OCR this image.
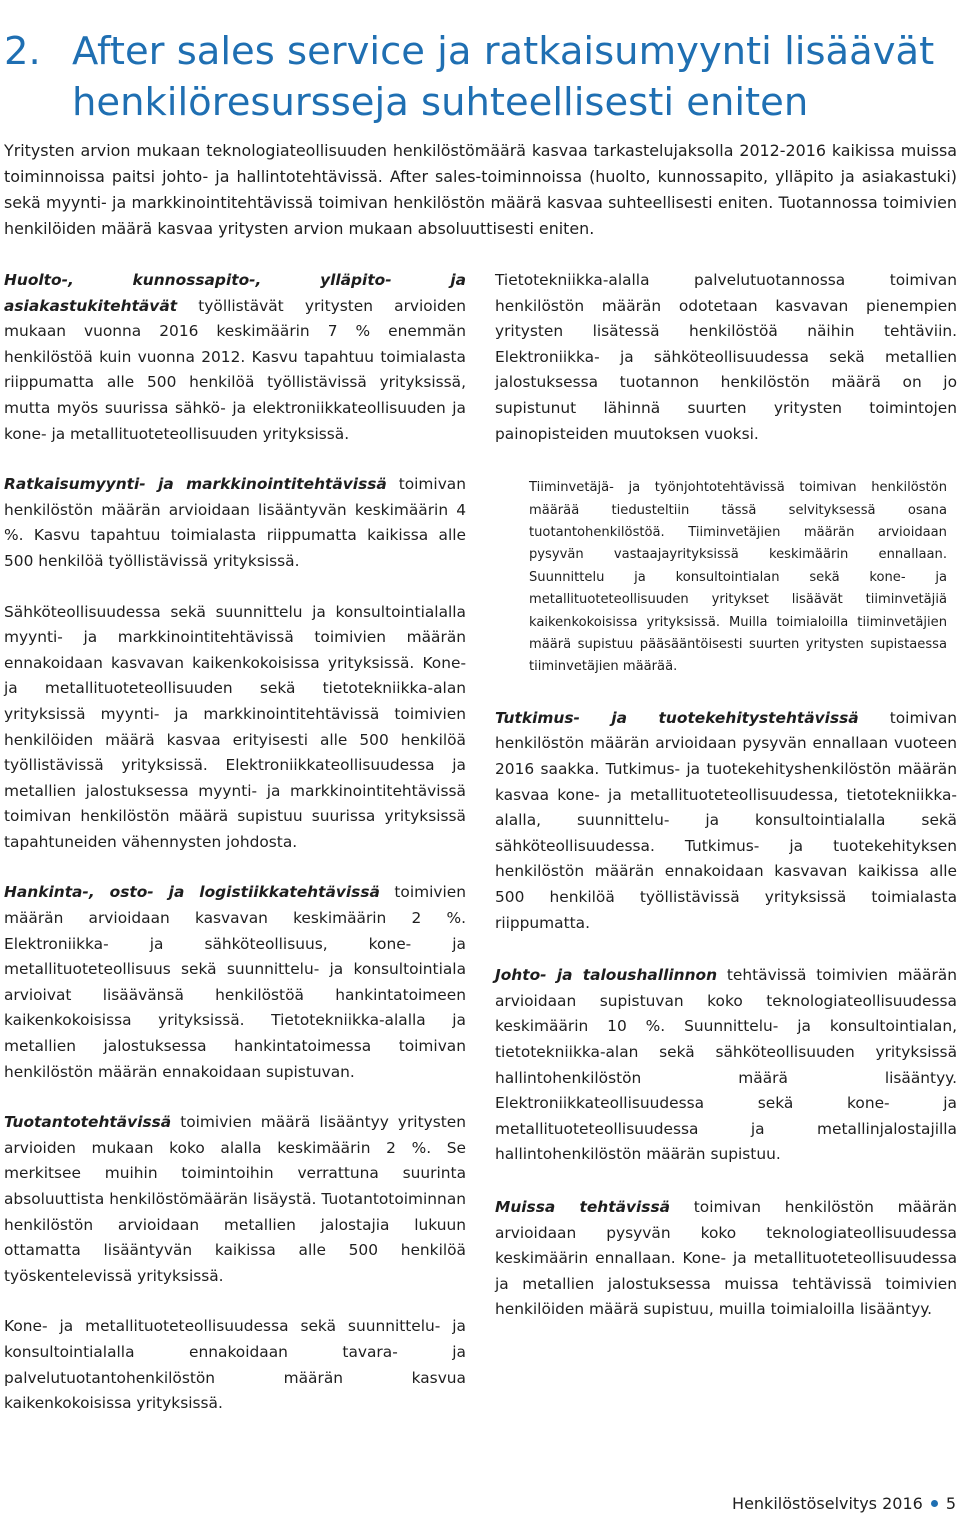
2. After sales service ja ratkaisumyynti lisäävät
henkilöresursseja suhteellisesti eniten

Yritysten arvion mukaan teknologiateollisuuden henkilöstömäärä kasvaa tarkastelujaksolla 2012-2016 kaikissa muissa toiminnoissa paitsi johto- ja hallintotehtävissä. After sales-toiminnoissa (huolto, kunnossapito, ylläpito ja asiakastuki) sekä myynti- ja markkinointitehtävissä toimivan henkilöstön määrä kasvaa suhteellisesti eniten. Tuotannossa toimivien henkilöiden määrä kasvaa yritysten arvion mukaan absoluuttisesti eniten.

Huolto-, kunnossapito-, ylläpito- ja asiakastukitehtävät työllistävät yritysten arvioiden mukaan vuonna 2016 keskimäärin 7 % enemmän henkilöstöä kuin vuonna 2012. Kasvu tapahtuu toimialasta riippumatta alle 500 henkilöä työllistävissä yrityksissä, mutta myös suurissa sähkö- ja elektroniikkateollisuuden ja kone- ja metallituoteteollisuuden yrityksissä.

Ratkaisumyynti- ja markkinointitehtävissä toimivan henkilöstön määrän arvioidaan lisääntyvän keskimäärin 4 %. Kasvu tapahtuu toimialasta riippumatta kaikissa alle 500 henkilöä työllistävissä yrityksissä.

Sähköteollisuudessa sekä suunnittelu ja konsultointialalla myynti- ja markkinointitehtävissä toimivien määrän ennakoidaan kasvavan kaikenkokoisissa yrityksissä. Kone- ja metallituoteteollisuuden sekä tietotekniikka-alan yrityksissä myynti- ja markkinointitehtävissä toimivien henkilöiden määrä kasvaa erityisesti alle 500 henkilöä työllistävissä yrityksissä. Elektroniikkateollisuudessa ja metallien jalostuksessa myynti- ja markkinointitehtävissä toimivan henkilöstön määrä supistuu suurissa yrityksissä tapahtuneiden vähennysten johdosta.

Hankinta-, osto- ja logistiikkatehtävissä toimivien määrän arvioidaan kasvavan keskimäärin 2 %. Elektroniikka- ja sähköteollisuus, kone- ja metallituoteteollisuus sekä suunnittelu- ja konsultointiala arvioivat lisäävänsä henkilöstöä hankintatoimeen kaikenkokoisissa yrityksissä. Tietotekniikka-alalla ja metallien jalostuksessa hankintatoimessa toimivan henkilöstön määrän ennakoidaan supistuvan.

Tuotantotehtävissä toimivien määrä lisääntyy yritysten arvioiden mukaan koko alalla keskimäärin 2 %. Se merkitsee muihin toimintoihin verrattuna suurinta absoluuttista henkilöstömäärän lisäystä. Tuotantotoiminnan henkilöstön arvioidaan metallien jalostajia lukuun ottamatta lisääntyvän kaikissa alle 500 henkilöä työskentelevissä yrityksissä.

Kone- ja metallituoteteollisuudessa sekä suunnittelu- ja konsultointialalla ennakoidaan tavara- ja palvelutuotantohenkilöstön määrän kasvua kaikenkokoisissa yrityksissä.

Tietotekniikka-alalla palvelutuotannossa toimivan henkilöstön määrän odotetaan kasvavan pienempien yritysten lisätessä henkilöstöä näihin tehtäviin. Elektroniikka- ja sähköteollisuudessa sekä metallien jalostuksessa tuotannon henkilöstön määrä on jo supistunut lähinnä suurten yritysten toimintojen painopisteiden muutoksen vuoksi.

Tiiminvetäjä- ja työnjohtotehtävissä toimivan henkilöstön määrää tiedusteltiin tässä selvityksessä osana tuotantohenkilöstöä. Tiiminvetäjien määrän arvioidaan pysyvän vastaajayrityksissä keskimäärin ennallaan. Suunnittelu ja konsultointialan sekä kone- ja metallituoteteollisuuden yritykset lisäävät tiiminvetäjiä kaikenkokoisissa yrityksissä. Muilla toimialoilla tiiminvetäjien määrä supistuu pääsääntöisesti suurten yritysten supistaessa tiiminvetäjien määrää.

Tutkimus- ja tuotekehitystehtävissä toimivan henkilöstön määrän arvioidaan pysyvän ennallaan vuoteen 2016 saakka. Tutkimus- ja tuotekehityshenkilöstön määrän kasvaa kone- ja metallituoteteollisuudessa, tietotekniikka-alalla, suunnittelu- ja konsultointialalla sekä sähköteollisuudessa. Tutkimus- ja tuotekehityksen henkilöstön määrän ennakoidaan kasvavan kaikissa alle 500 henkilöä työllistävissä yrityksissä toimialasta riippumatta.

Johto- ja taloushallinnon tehtävissä toimivien määrän arvioidaan supistuvan koko teknologiateollisuudessa keskimäärin 10 %. Suunnittelu- ja konsultointialan, tietotekniikka-alan sekä sähköteollisuuden yrityksissä hallintohenkilöstön määrä lisääntyy. Elektroniikkateollisuudessa sekä kone- ja metallituoteteollisuudessa ja metallinjalostajilla hallintohenkilöstön määrän supistuu.

Muissa tehtävissä toimivan henkilöstön määrän arvioidaan pysyvän koko teknologiateollisuudessa keskimäärin ennallaan. Kone- ja metallituoteteollisuudessa ja metallien jalostuksessa muissa tehtävissä toimivien henkilöiden määrä supistuu, muilla toimialoilla lisääntyy.

Henkilöstöselvitys 2016 5
